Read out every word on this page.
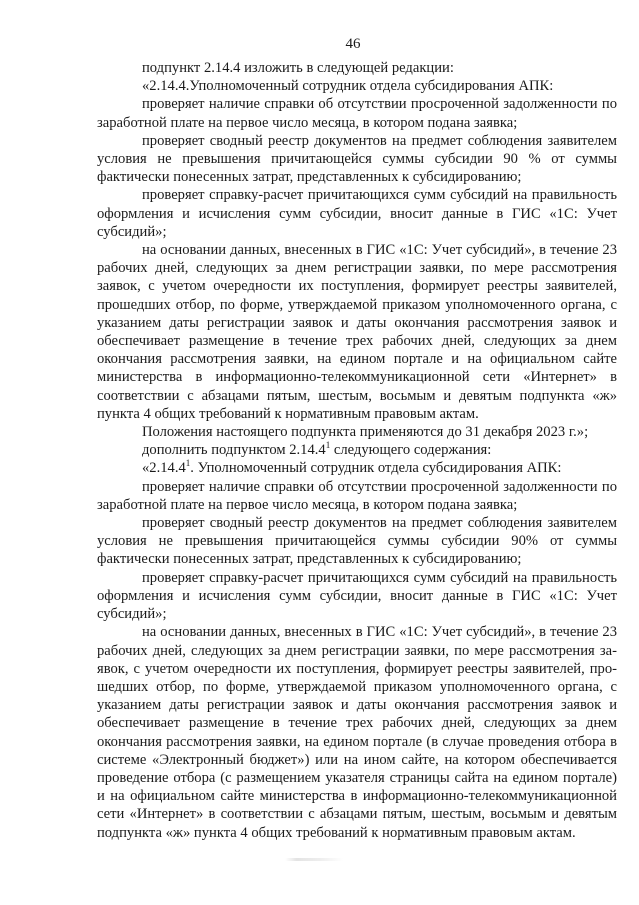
46

подпункт 2.14.4 изложить в следующей редакции:

«2.14.4.Уполномоченный сотрудник отдела субсидирования АПК:

проверяет наличие справки об отсутствии просроченной задолженности по заработной плате на первое число месяца, в котором подана заявка;

проверяет сводный реестр документов на предмет соблюдения заявителем условия не превышения причитающейся суммы субсидии 90 % от суммы фактически понесенных затрат, представленных к субсидированию;

проверяет справку-расчет причитающихся сумм субсидий на правильность оформления и исчисления сумм субсидии, вносит данные в ГИС «1С: Учет субсидий»;

на основании данных, внесенных в ГИС «1С: Учет субсидий», в течение 23 рабочих дней, следующих за днем регистрации заявки, по мере рассмотрения заявок, с учетом очередности их поступления, формирует реестры заявителей, прошедших отбор, по форме, утверждаемой приказом уполномоченного органа, с указанием даты регистрации заявок и даты окончания рассмотрения заявок и обеспечивает размещение в течение трех рабочих дней, следующих за днем окончания рассмотрения заявки, на едином портале и на официальном сайте министерства в информационно-телекоммуникационной сети «Интернет» в соответствии с абзацами пятым, шестым, восьмым и девятым подпункта «ж» пункта 4 общих требований к нормативным правовым актам.

Положения настоящего подпункта применяются до 31 декабря 2023 г.»;

дополнить подпунктом 2.14.4$^1$ следующего содержания:

«2.14.4$^1$. Уполномоченный сотрудник отдела субсидирования АПК:

проверяет наличие справки об отсутствии просроченной задолженности по заработной плате на первое число месяца, в котором подана заявка;

проверяет сводный реестр документов на предмет соблюдения заявителем условия не превышения причитающейся суммы субсидии 90% от суммы фактически понесенных затрат, представленных к субсидированию;

проверяет справку-расчет причитающихся сумм субсидий на правильность оформления и исчисления сумм субсидии, вносит данные в ГИС «1С: Учет субсидий»;

на основании данных, внесенных в ГИС «1С: Учет субсидий», в течение 23 рабочих дней, следующих за днем регистрации заявки, по мере рассмотрения за-явок, с учетом очередности их поступления, формирует реестры заявителей, про-шедших отбор, по форме, утверждаемой приказом уполномоченного органа, с указанием даты регистрации заявок и даты окончания рассмотрения заявок и обеспечивает размещение в течение трех рабочих дней, следующих за днем окончания рассмотрения заявки, на едином портале (в случае проведения отбора в системе «Электронный бюджет») или на ином сайте, на котором обеспечивается проведение отбора (с размещением указателя страницы сайта на едином портале) и на официальном сайте министерства в информационно-телекоммуникационной сети «Интернет» в соответствии с абзацами пятым, шестым, восьмым и девятым подпункта «ж» пункта 4 общих требований к нормативным правовым актам.
